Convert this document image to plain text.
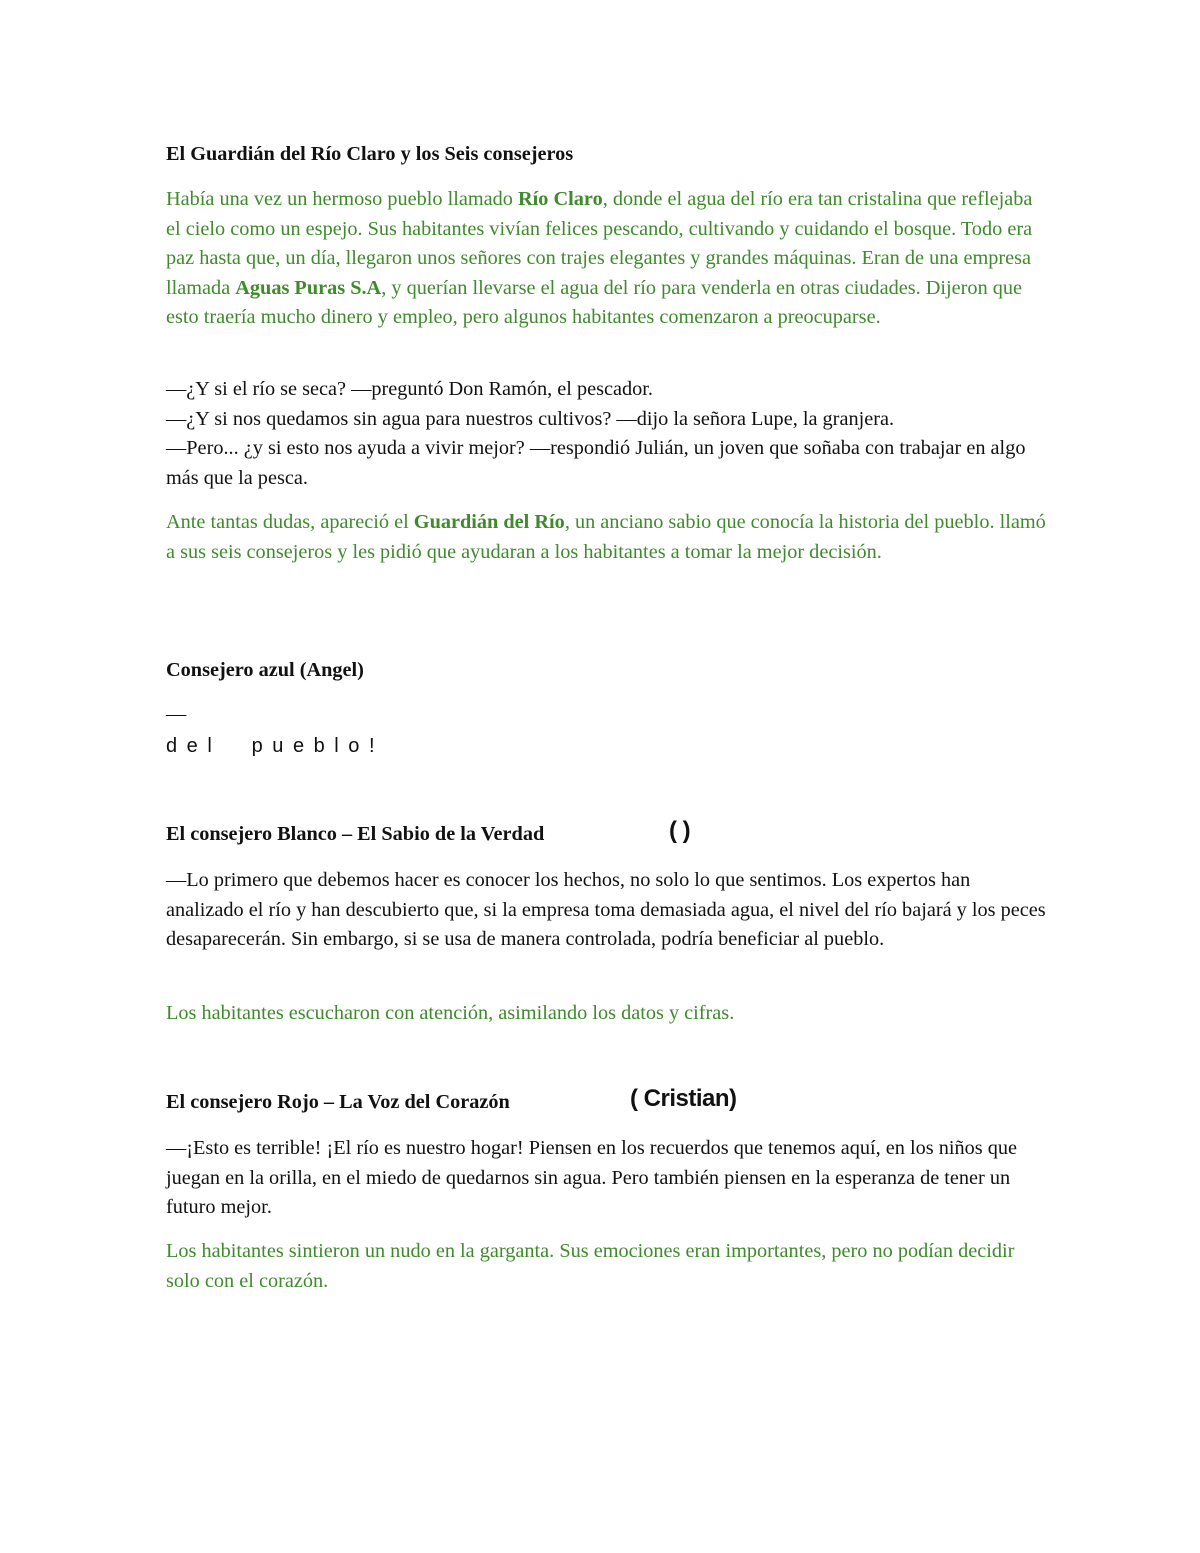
El Guardián del Río Claro y los Seis consejeros

Había una vez un hermoso pueblo llamado Río Claro, donde el agua del río era tan cristalina que reflejaba el cielo como un espejo. Sus habitantes vivían felices pescando, cultivando y cuidando el bosque. Todo era paz hasta que, un día, llegaron unos señores con trajes elegantes y grandes máquinas. Eran de una empresa llamada Aguas Puras S.A, y querían llevarse el agua del río para venderla en otras ciudades. Dijeron que esto traería mucho dinero y empleo, pero algunos habitantes comenzaron a preocuparse.

—¿Y si el río se seca? —preguntó Don Ramón, el pescador.
—¿Y si nos quedamos sin agua para nuestros cultivos? —dijo la señora Lupe, la granjera.
—Pero... ¿y si esto nos ayuda a vivir mejor? —respondió Julián, un joven que soñaba con trabajar en algo más que la pesca.

Ante tantas dudas, apareció el Guardián del Río, un anciano sabio que conocía la historia del pueblo. llamó a sus seis consejeros y les pidió que ayudaran a los habitantes a tomar la mejor decisión.

Consejero azul (Angel)

—

d e l     p u e b l o !

El consejero Blanco – El Sabio de la Verdad	( )

—Lo primero que debemos hacer es conocer los hechos, no solo lo que sentimos. Los expertos han analizado el río y han descubierto que, si la empresa toma demasiada agua, el nivel del río bajará y los peces desaparecerán. Sin embargo, si se usa de manera controlada, podría beneficiar al pueblo.

Los habitantes escucharon con atención, asimilando los datos y cifras.

El consejero Rojo – La Voz del Corazón	( Cristian)

—¡Esto es terrible! ¡El río es nuestro hogar! Piensen en los recuerdos que tenemos aquí, en los niños que juegan en la orilla, en el miedo de quedarnos sin agua. Pero también piensen en la esperanza de tener un futuro mejor.

Los habitantes sintieron un nudo en la garganta. Sus emociones eran importantes, pero no podían decidir solo con el corazón.
